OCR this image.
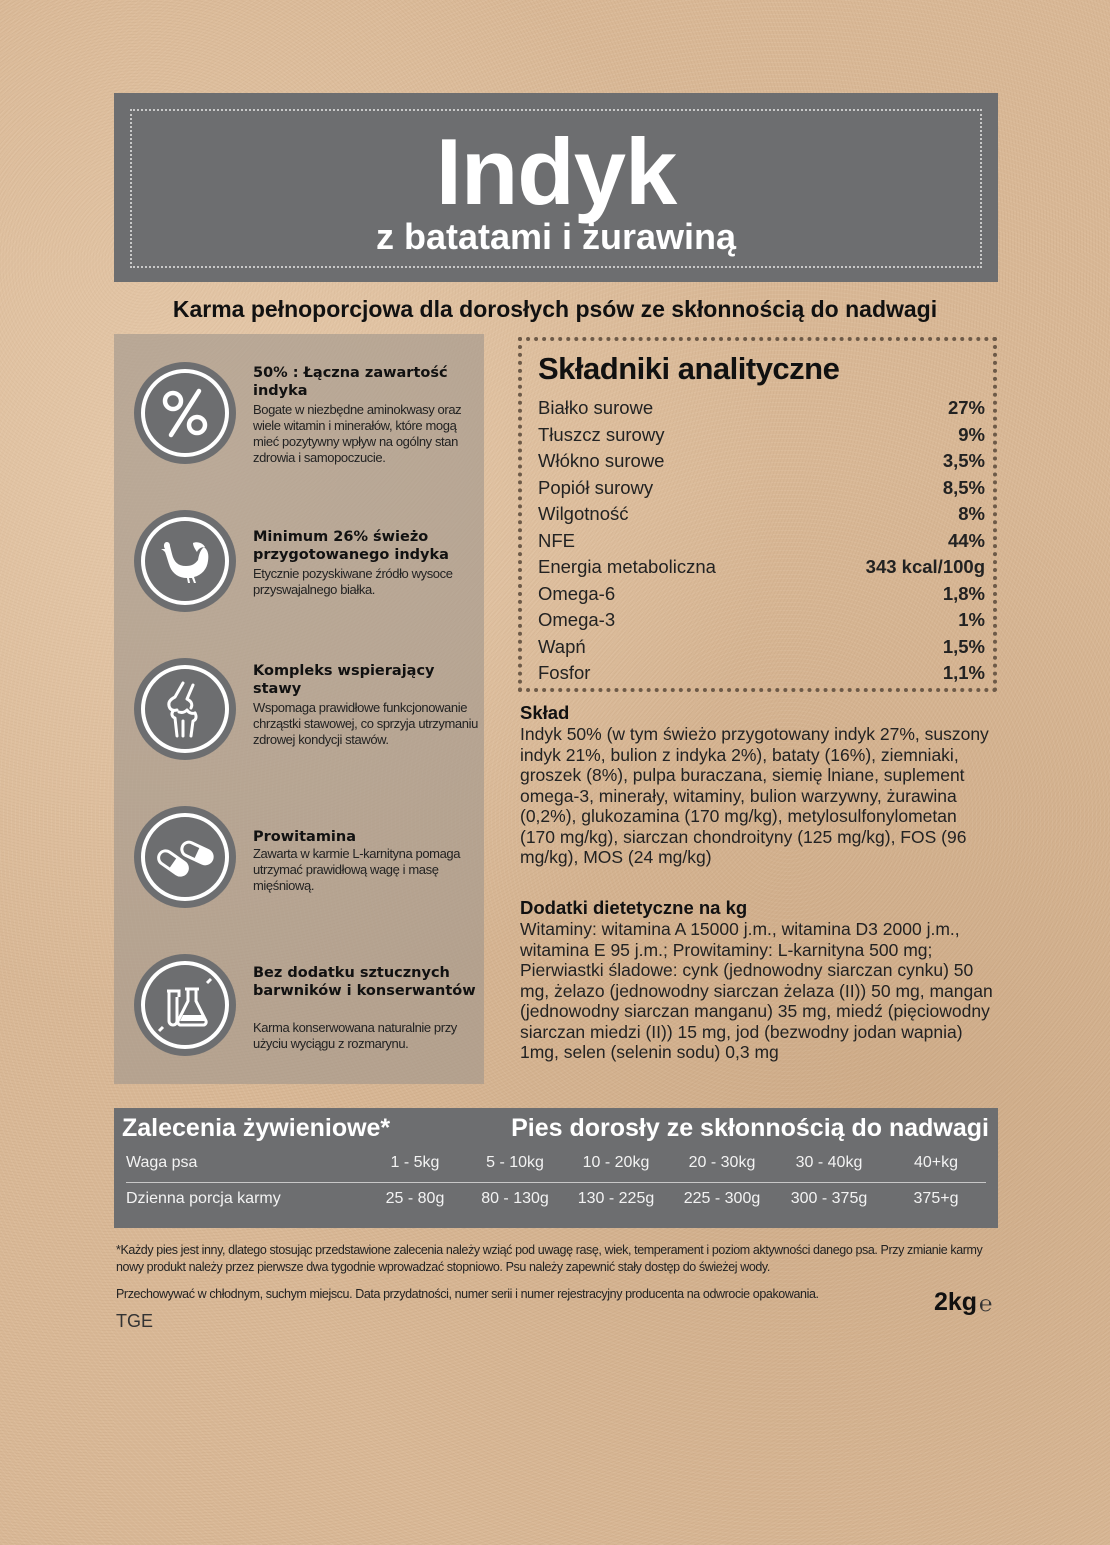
Indyk
z batatami i żurawiną
Karma pełnoporcjowa dla dorosłych psów ze skłonnością do nadwagi
50% : Łączna zawartość indyka
Bogate w niezbędne aminokwasy oraz wiele witamin i minerałów, które mogą mieć pozytywny wpływ na ogólny stan zdrowia i samopoczucie.
Minimum 26% świeżo przygotowanego indyka
Etycznie pozyskiwane źródło wysoce przyswajalnego białka.
Kompleks wspierający stawy
Wspomaga prawidłowe funkcjonowanie chrząstki stawowej, co sprzyja utrzymaniu zdrowej kondycji stawów.
Prowitamina
Zawarta w karmie L-karnityna pomaga utrzymać prawidłową wagę i masę mięśniową.
Bez dodatku sztucznych barwników i konserwantów
Karma konserwowana naturalnie przy użyciu wyciągu z rozmarynu.
Składniki analityczne
Białko surowe	27%
Tłuszcz surowy	9%
Włókno surowe	3,5%
Popiół surowy	8,5%
Wilgotność	8%
NFE	44%
Energia metaboliczna	343 kcal/100g
Omega-6	1,8%
Omega-3	1%
Wapń	1,5%
Fosfor	1,1%
Skład
Indyk 50% (w tym świeżo przygotowany indyk 27%, suszony indyk 21%, bulion z indyka 2%), bataty (16%), ziemniaki, groszek (8%), pulpa buraczana, siemię lniane, suplement omega-3, minerały, witaminy, bulion warzywny, żurawina (0,2%), glukozamina (170 mg/kg), metylosulfonylometan (170 mg/kg), siarczan chondroityny (125 mg/kg), FOS (96 mg/kg), MOS (24 mg/kg)
Dodatki dietetyczne na kg
Witaminy: witamina A 15000 j.m., witamina D3 2000 j.m., witamina E 95 j.m.; Prowitaminy: L-karnityna 500 mg; Pierwiastki śladowe: cynk (jednowodny siarczan cynku) 50 mg, żelazo (jednowodny siarczan żelaza (II)) 50 mg, mangan (jednowodny siarczan manganu) 35 mg, miedź (pięciowodny siarczan miedzi (II)) 15 mg, jod (bezwodny jodan wapnia) 1mg, selen (selenin sodu) 0,3 mg
Zalecenia żywieniowe*	Pies dorosły ze skłonnością do nadwagi
Waga psa	1 - 5kg	5 - 10kg	10 - 20kg	20 - 30kg	30 - 40kg	40+kg
Dzienna porcja karmy	25 - 80g	80 - 130g	130 - 225g	225 - 300g	300 - 375g	375+g
*Każdy pies jest inny, dlatego stosując przedstawione zalecenia należy wziąć pod uwagę rasę, wiek, temperament i poziom aktywności danego psa. Przy zmianie karmy nowy produkt należy przez pierwsze dwa tygodnie wprowadzać stopniowo. Psu należy zapewnić stały dostęp do świeżej wody.
Przechowywać w chłodnym, suchym miejscu. Data przydatności, numer serii i numer rejestracyjny producenta na odwrocie opakowania.	2kg ℮
TGE
